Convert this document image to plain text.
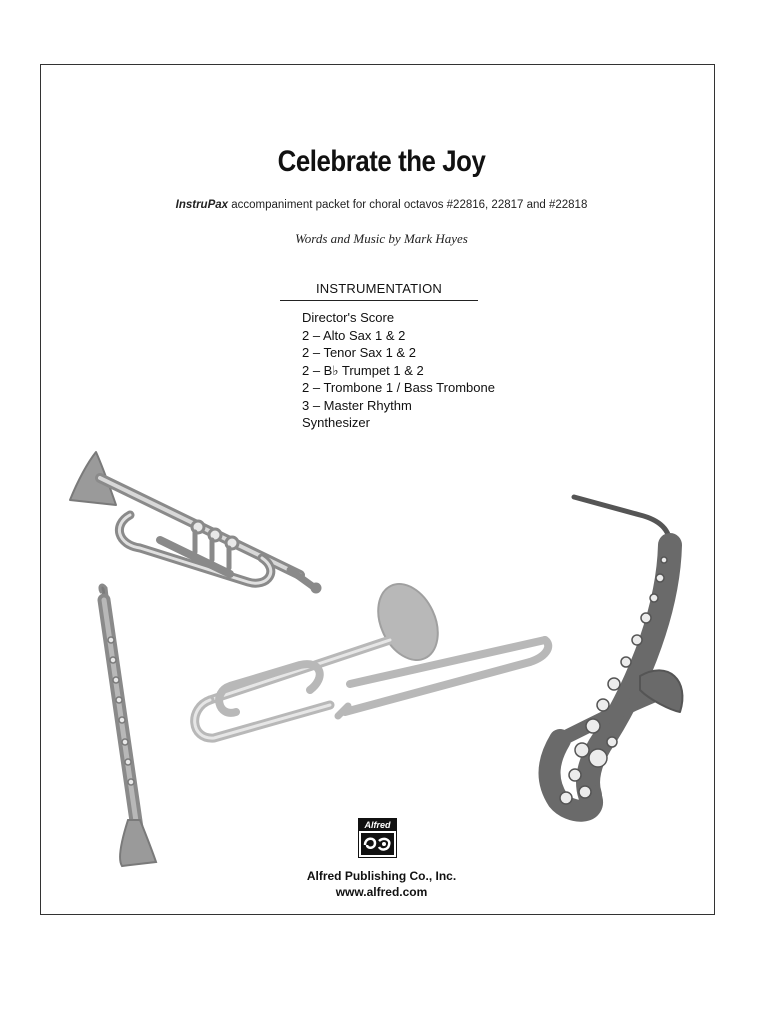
Celebrate the Joy
InstruPax accompaniment packet for choral octavos #22816, 22817 and #22818
Words and Music by Mark Hayes
INSTRUMENTATION
Director's Score
2 – Alto Sax 1 & 2
2 – Tenor Sax 1 & 2
2 – B♭ Trumpet 1 & 2
2 – Trombone 1 / Bass Trombone
3 – Master Rhythm
Synthesizer
Alfred
Alfred Publishing Co., Inc.
www.alfred.com
